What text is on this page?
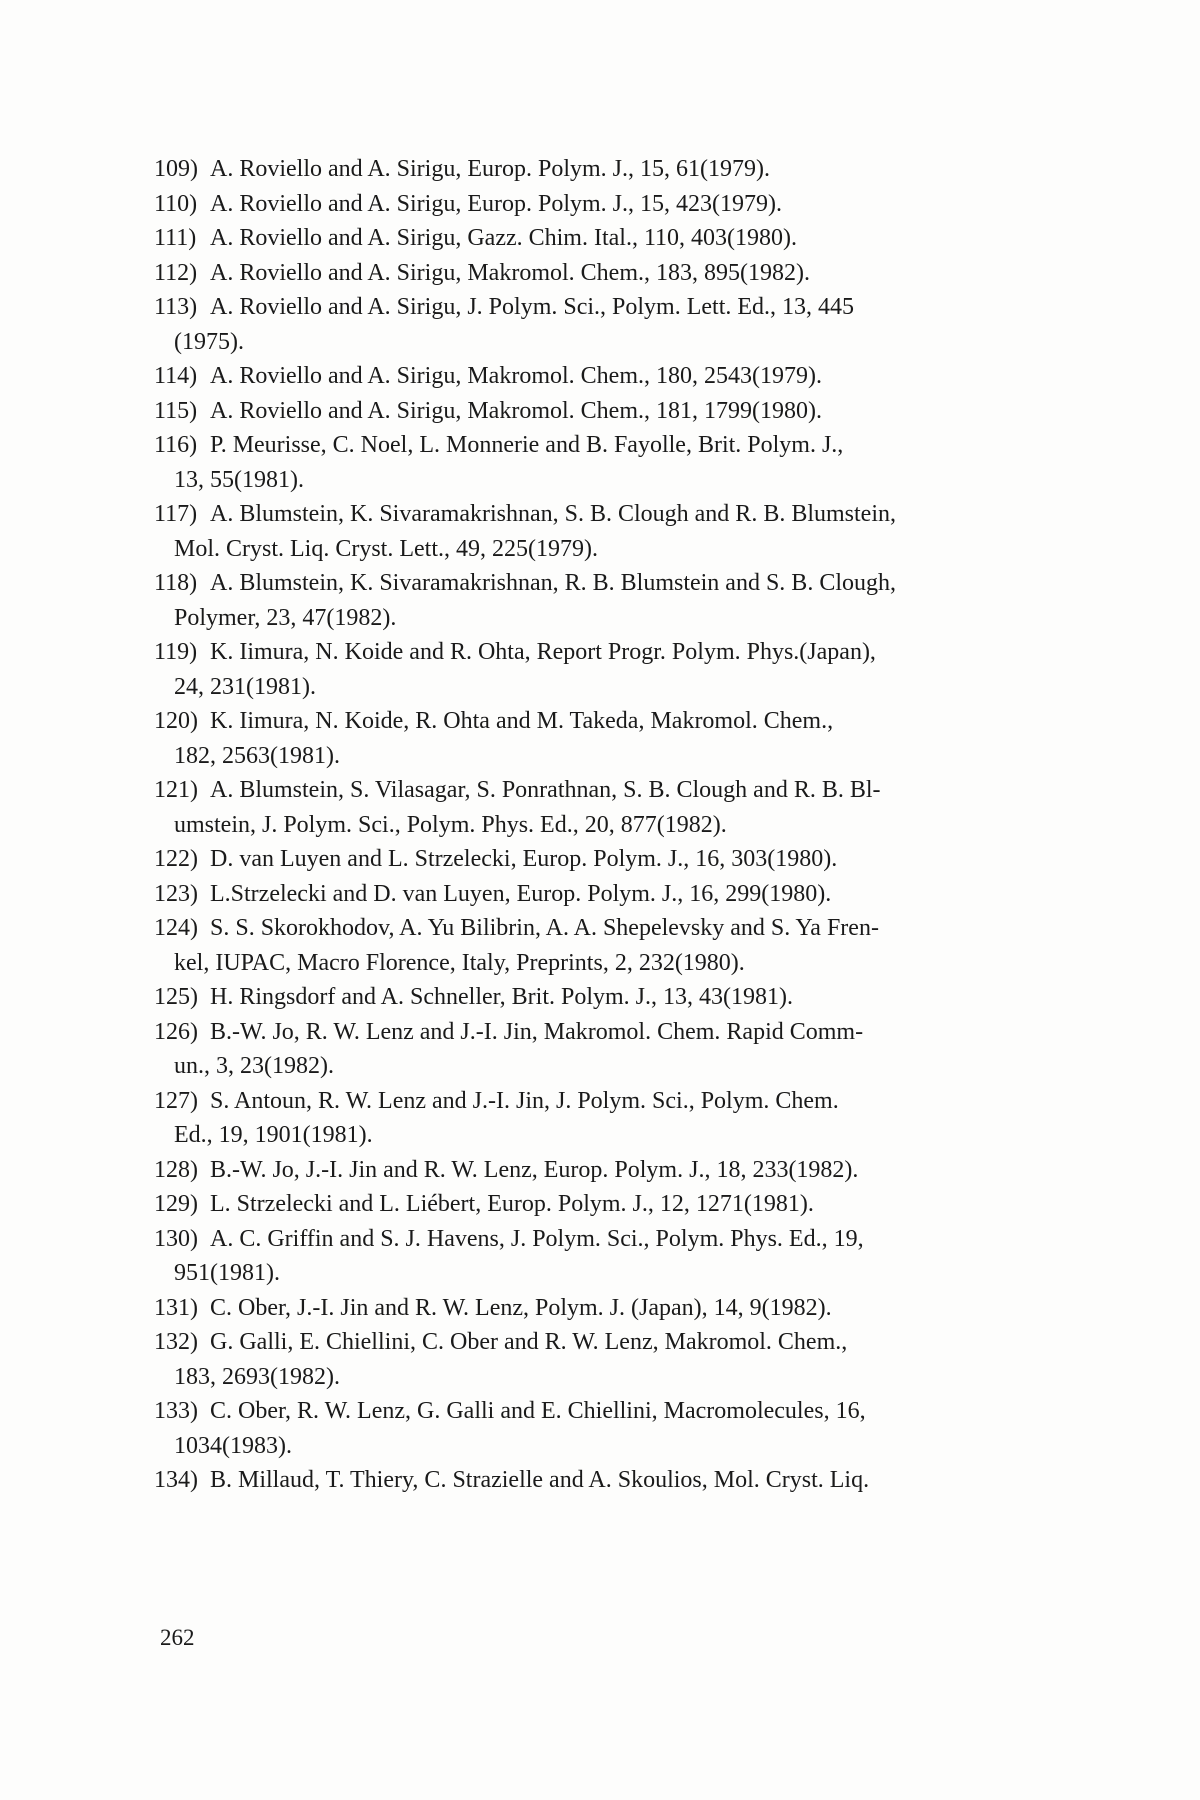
109) A. Roviello and A. Sirigu, Europ. Polym. J., 15, 61(1979).
110) A. Roviello and A. Sirigu, Europ. Polym. J., 15, 423(1979).
111) A. Roviello and A. Sirigu, Gazz. Chim. Ital., 110, 403(1980).
112) A. Roviello and A. Sirigu, Makromol. Chem., 183, 895(1982).
113) A. Roviello and A. Sirigu, J. Polym. Sci., Polym. Lett. Ed., 13, 445
(1975).
114) A. Roviello and A. Sirigu, Makromol. Chem., 180, 2543(1979).
115) A. Roviello and A. Sirigu, Makromol. Chem., 181, 1799(1980).
116) P. Meurisse, C. Noel, L. Monnerie and B. Fayolle, Brit. Polym. J.,
13, 55(1981).
117) A. Blumstein, K. Sivaramakrishnan, S. B. Clough and R. B. Blumstein,
Mol. Cryst. Liq. Cryst. Lett., 49, 225(1979).
118) A. Blumstein, K. Sivaramakrishnan, R. B. Blumstein and S. B. Clough,
Polymer, 23, 47(1982).
119) K. Iimura, N. Koide and R. Ohta, Report Progr. Polym. Phys.(Japan),
24, 231(1981).
120) K. Iimura, N. Koide, R. Ohta and M. Takeda, Makromol. Chem.,
182, 2563(1981).
121) A. Blumstein, S. Vilasagar, S. Ponrathnan, S. B. Clough and R. B. Bl-
umstein, J. Polym. Sci., Polym. Phys. Ed., 20, 877(1982).
122) D. van Luyen and L. Strzelecki, Europ. Polym. J., 16, 303(1980).
123) L.Strzelecki and D. van Luyen, Europ. Polym. J., 16, 299(1980).
124) S. S. Skorokhodov, A. Yu Bilibrin, A. A. Shepelevsky and S. Ya Fren-
kel, IUPAC, Macro Florence, Italy, Preprints, 2, 232(1980).
125) H. Ringsdorf and A. Schneller, Brit. Polym. J., 13, 43(1981).
126) B.-W. Jo, R. W. Lenz and J.-I. Jin, Makromol. Chem. Rapid Comm-
un., 3, 23(1982).
127) S. Antoun, R. W. Lenz and J.-I. Jin, J. Polym. Sci., Polym. Chem.
Ed., 19, 1901(1981).
128) B.-W. Jo, J.-I. Jin and R. W. Lenz, Europ. Polym. J., 18, 233(1982).
129) L. Strzelecki and L. Liébert, Europ. Polym. J., 12, 1271(1981).
130) A. C. Griffin and S. J. Havens, J. Polym. Sci., Polym. Phys. Ed., 19,
951(1981).
131) C. Ober, J.-I. Jin and R. W. Lenz, Polym. J. (Japan), 14, 9(1982).
132) G. Galli, E. Chiellini, C. Ober and R. W. Lenz, Makromol. Chem.,
183, 2693(1982).
133) C. Ober, R. W. Lenz, G. Galli and E. Chiellini, Macromolecules, 16,
1034(1983).
134) B. Millaud, T. Thiery, C. Strazielle and A. Skoulios, Mol. Cryst. Liq.
262
